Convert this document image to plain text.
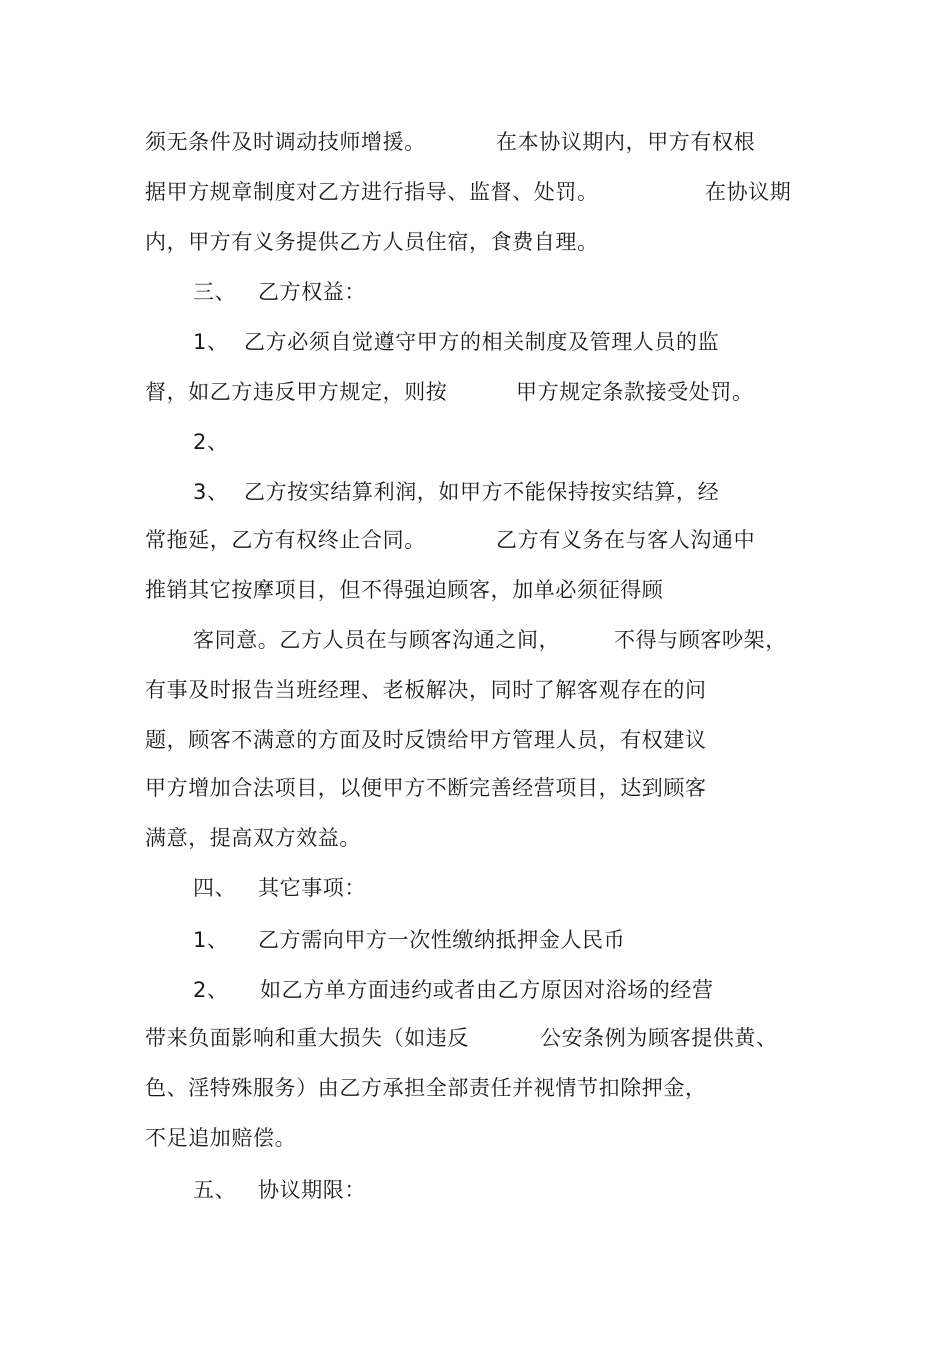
须无条件及时调动技师增援。	在本协议期内，甲方有权根
据甲方规章制度对乙方进行指导、监督、处罚。	在协议期
内，甲方有义务提供乙方人员住宿，食费自理。
三、 乙方权益：
1、 乙方必须自觉遵守甲方的相关制度及管理人员的监
督，如乙方违反甲方规定，则按	甲方规定条款接受处罚。
2、
3、 乙方按实结算利润，如甲方不能保持按实结算，经
常拖延，乙方有权终止合同。	乙方有义务在与客人沟通中
推销其它按摩项目，但不得强迫顾客，加单必须征得顾
客同意。乙方人员在与顾客沟通之间，	不得与顾客吵架，
有事及时报告当班经理、老板解决，同时了解客观存在的问
题，顾客不满意的方面及时反馈给甲方管理人员，有权建议
甲方增加合法项目，以便甲方不断完善经营项目，达到顾客
满意，提高双方效益。
四、 其它事项：
1、 乙方需向甲方一次性缴纳抵押金人民币
2、 如乙方单方面违约或者由乙方原因对浴场的经营
带来负面影响和重大损失（如违反	公安条例为顾客提供黄、
色、淫特殊服务）由乙方承担全部责任并视情节扣除押金，
不足追加赔偿。
五、 协议期限：
